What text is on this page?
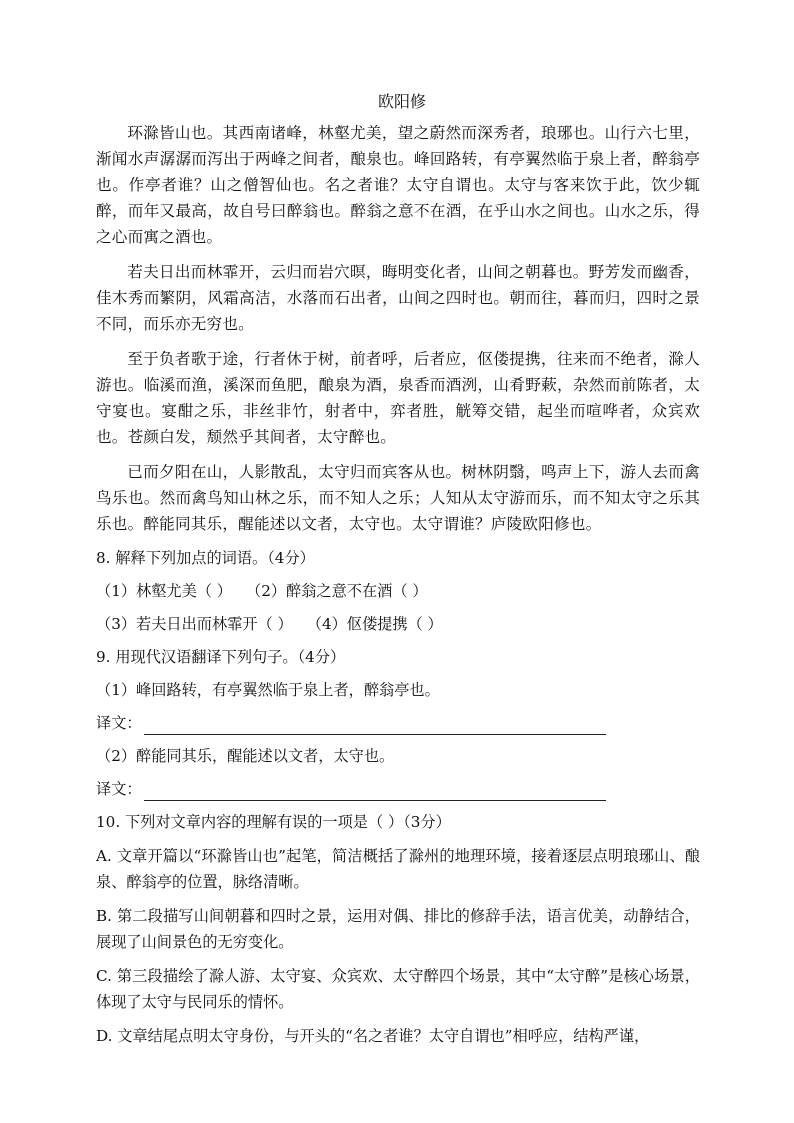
欧阳修

环滁皆山也。其西南诸峰，林壑尤美，望之蔚然而深秀者，琅琊也。山行六七里，渐闻水声潺潺而泻出于两峰之间者，酿泉也。峰回路转，有亭翼然临于泉上者，醉翁亭也。作亭者谁？山之僧智仙也。名之者谁？太守自谓也。太守与客来饮于此，饮少辄醉，而年又最高，故自号曰醉翁也。醉翁之意不在酒，在乎山水之间也。山水之乐，得之心而寓之酒也。

若夫日出而林霏开，云归而岩穴暝，晦明变化者，山间之朝暮也。野芳发而幽香，佳木秀而繁阴，风霜高洁，水落而石出者，山间之四时也。朝而往，暮而归，四时之景不同，而乐亦无穷也。

至于负者歌于途，行者休于树，前者呼，后者应，伛偻提携，往来而不绝者，滁人游也。临溪而渔，溪深而鱼肥，酿泉为酒，泉香而酒洌，山肴野蔌，杂然而前陈者，太守宴也。宴酣之乐，非丝非竹，射者中，弈者胜，觥筹交错，起坐而喧哗者，众宾欢也。苍颜白发，颓然乎其间者，太守醉也。

已而夕阳在山，人影散乱，太守归而宾客从也。树林阴翳，鸣声上下，游人去而禽鸟乐也。然而禽鸟知山林之乐，而不知人之乐；人知从太守游而乐，而不知太守之乐其乐也。醉能同其乐，醒能述以文者，太守也。太守谓谁？庐陵欧阳修也。

8. 解释下列加点的词语。（4分）
（1）林壑尤美（ ） （2）醉翁之意不在酒（ ）
（3）若夫日出而林霏开（ ） （4）伛偻提携（ ）
9. 用现代汉语翻译下列句子。（4分）
（1）峰回路转，有亭翼然临于泉上者，醉翁亭也。
译文：
（2）醉能同其乐，醒能述以文者，太守也。
译文：
10. 下列对文章内容的理解有误的一项是（ ）（3分）
A. 文章开篇以“环滁皆山也”起笔，简洁概括了滁州的地理环境，接着逐层点明琅琊山、酿泉、醉翁亭的位置，脉络清晰。
B. 第二段描写山间朝暮和四时之景，运用对偶、排比的修辞手法，语言优美，动静结合，展现了山间景色的无穷变化。
C. 第三段描绘了滁人游、太守宴、众宾欢、太守醉四个场景，其中“太守醉”是核心场景，体现了太守与民同乐的情怀。
D. 文章结尾点明太守身份，与开头的“名之者谁？太守自谓也”相呼应，结构严谨，
